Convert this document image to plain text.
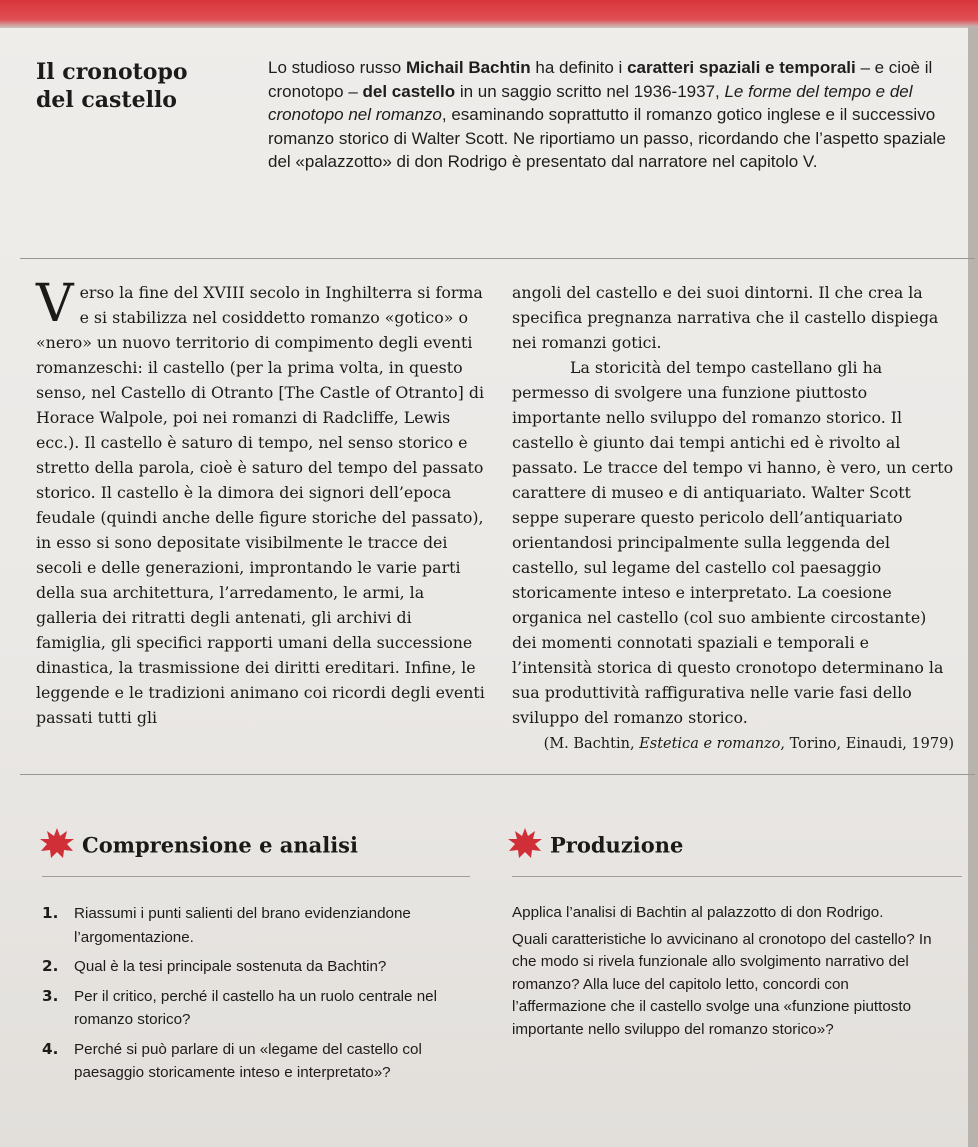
Il cronotopo
del castello
Lo studioso russo Michail Bachtin ha definito i caratteri spaziali e temporali – e cioè il cronotopo – del castello in un saggio scritto nel 1936-1937, Le forme del tempo e del cronotopo nel romanzo, esaminando soprattutto il romanzo gotico inglese e il successivo romanzo storico di Walter Scott. Ne riportiamo un passo, ricordando che l’aspetto spaziale del «palazzotto» di don Rodrigo è presentato dal narratore nel capitolo V.

Verso la fine del XVIII secolo in Inghilterra si forma e si stabilizza nel cosiddetto romanzo «gotico» o «nero» un nuovo territorio di compimento degli eventi romanzeschi: il castello (per la prima volta, in questo senso, nel Castello di Otranto [The Castle of Otranto] di Horace Walpole, poi nei romanzi di Radcliffe, Lewis ecc.). Il castello è saturo di tempo, nel senso storico e stretto della parola, cioè è saturo del tempo del passato storico. Il castello è la dimora dei signori dell’epoca feudale (quindi anche delle figure storiche del passato), in esso si sono depositate visibilmente le tracce dei secoli e delle generazioni, improntando le varie parti della sua architettura, l’arredamento, le armi, la galleria dei ritratti degli antenati, gli archivi di famiglia, gli specifici rapporti umani della successione dinastica, la trasmissione dei diritti ereditari. Infine, le leggende e le tradizioni animano coi ricordi degli eventi passati tutti gli

angoli del castello e dei suoi dintorni. Il che crea la specifica pregnanza narrativa che il castello dispiega nei romanzi gotici.

La storicità del tempo castellano gli ha permesso di svolgere una funzione piuttosto importante nello sviluppo del romanzo storico. Il castello è giunto dai tempi antichi ed è rivolto al passato. Le tracce del tempo vi hanno, è vero, un certo carattere di museo e di antiquariato. Walter Scott seppe superare questo pericolo dell’antiquariato orientandosi principalmente sulla leggenda del castello, sul legame del castello col paesaggio storicamente inteso e interpretato. La coesione organica nel castello (col suo ambiente circostante) dei momenti connotati spaziali e temporali e l’intensità storica di questo cronotopo determinano la sua produttività raffigurativa nelle varie fasi dello sviluppo del romanzo storico.

(M. Bachtin, Estetica e romanzo, Torino, Einaudi, 1979)

Comprensione e analisi	Produzione
1. Riassumi i punti salienti del brano evidenziandone l’argomentazione.
2. Qual è la tesi principale sostenuta da Bachtin?
3. Per il critico, perché il castello ha un ruolo centrale nel romanzo storico?
4. Perché si può parlare di un «legame del castello col paesaggio storicamente inteso e interpretato»?

Applica l’analisi di Bachtin al palazzotto di don Rodrigo.

Quali caratteristiche lo avvicinano al cronotopo del castello? In che modo si rivela funzionale allo svolgimento narrativo del romanzo? Alla luce del capitolo letto, concordi con l’affermazione che il castello svolge una «funzione piuttosto importante nello sviluppo del romanzo storico»?
